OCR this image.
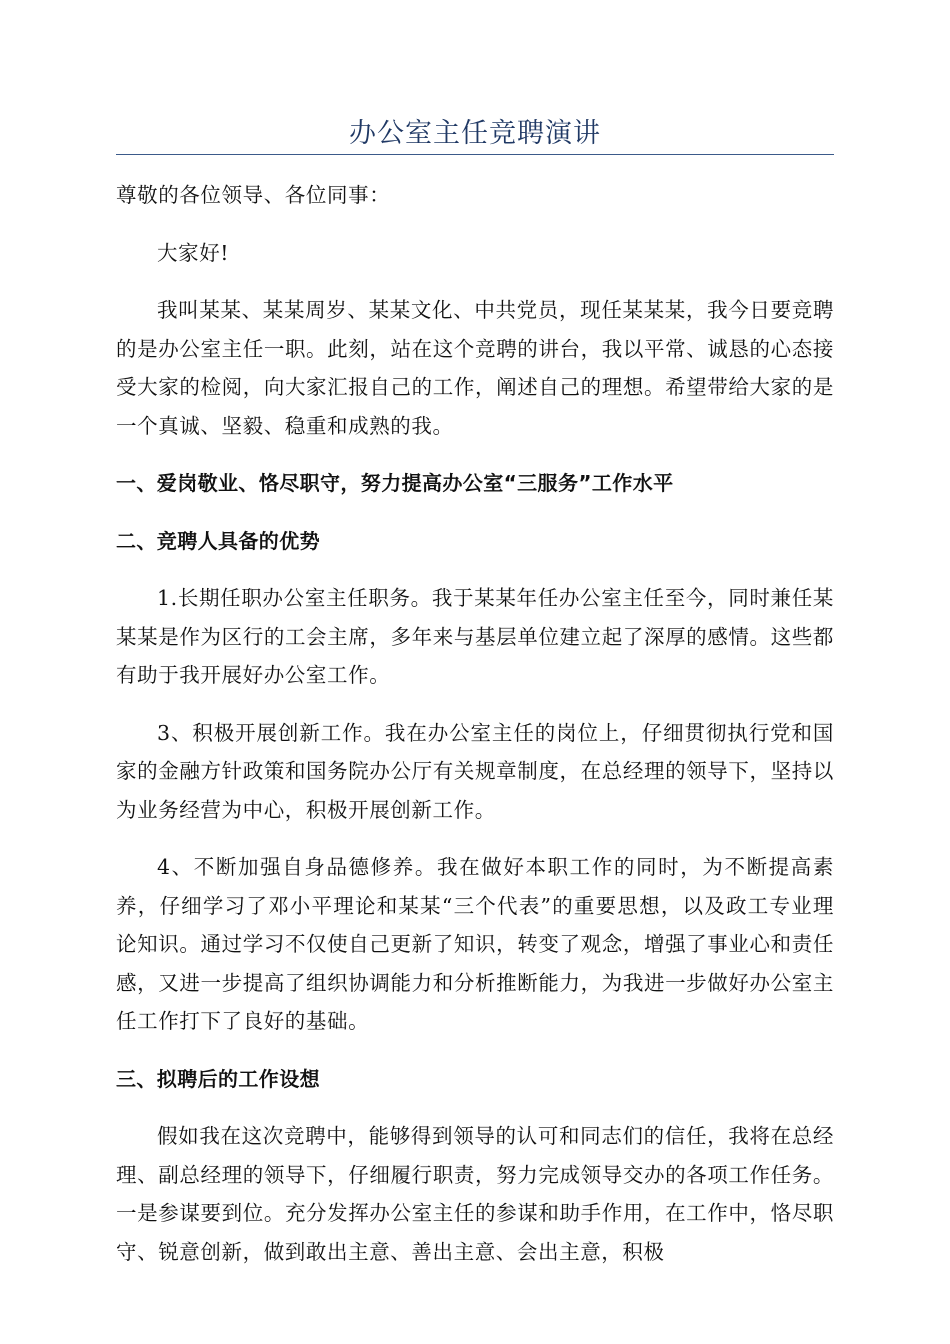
办公室主任竞聘演讲

尊敬的各位领导、各位同事：

大家好!

我叫某某、某某周岁、某某文化、中共党员，现任某某某，我今日要竞聘的是办公室主任一职。此刻，站在这个竞聘的讲台，我以平常、诚恳的心态接受大家的检阅，向大家汇报自己的工作，阐述自己的理想。希望带给大家的是一个真诚、坚毅、稳重和成熟的我。

一、爱岗敬业、恪尽职守，努力提高办公室“三服务”工作水平

二、竞聘人具备的优势

1.长期任职办公室主任职务。我于某某年任办公室主任至今，同时兼任某某某是作为区行的工会主席，多年来与基层单位建立起了深厚的感情。这些都有助于我开展好办公室工作。

3、积极开展创新工作。我在办公室主任的岗位上，仔细贯彻执行党和国家的金融方针政策和国务院办公厅有关规章制度，在总经理的领导下，坚持以为业务经营为中心，积极开展创新工作。

4、不断加强自身品德修养。我在做好本职工作的同时，为不断提高素养，仔细学习了邓小平理论和某某“三个代表”的重要思想，以及政工专业理论知识。通过学习不仅使自己更新了知识，转变了观念，增强了事业心和责任感，又进一步提高了组织协调能力和分析推断能力，为我进一步做好办公室主任工作打下了良好的基础。

三、拟聘后的工作设想

假如我在这次竞聘中，能够得到领导的认可和同志们的信任，我将在总经理、副总经理的领导下，仔细履行职责，努力完成领导交办的各项工作任务。一是参谋要到位。充分发挥办公室主任的参谋和助手作用，在工作中，恪尽职守、锐意创新，做到敢出主意、善出主意、会出主意，积极
